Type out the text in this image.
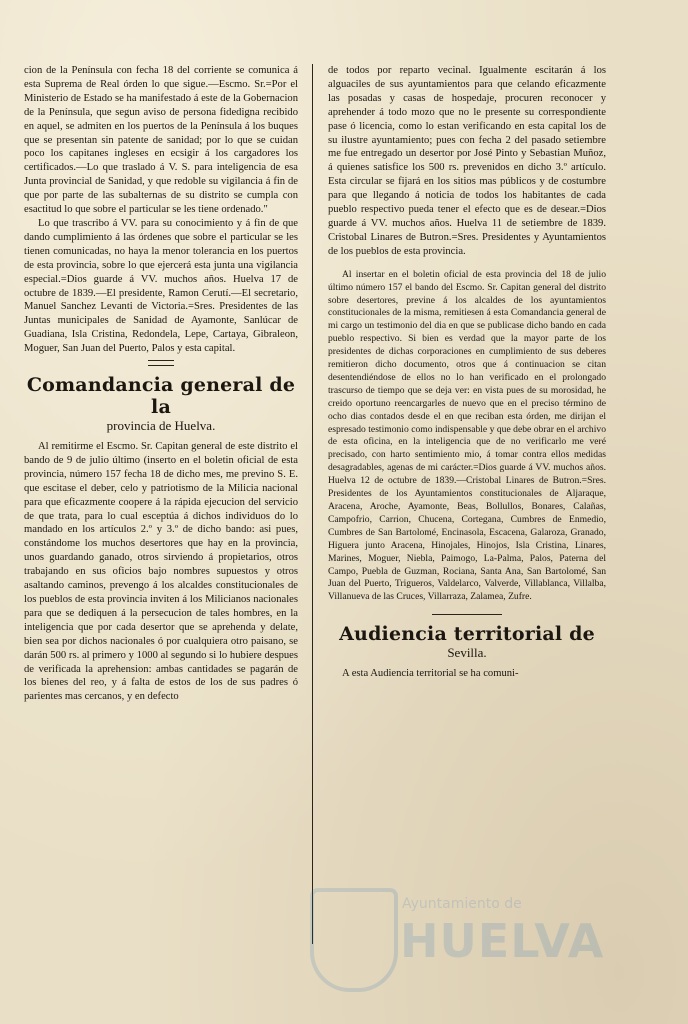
cion de la Península con fecha 18 del corriente se comunica á esta Suprema de Real órden lo que sigue.—Escmo. Sr.=Por el Ministerio de Estado se ha manifestado á este de la Gobernacion de la Península, que segun aviso de persona fidedigna recibido en aquel, se admiten en los puertos de la Península á los buques que se presentan sin patente de sanidad; por lo que se cuidan poco los capitanes ingleses en ecsigir á los cargadores los certificados.—Lo que traslado á V. S. para inteligencia de esa Junta provincial de Sanidad, y que redoble su vigilancia á fin de que por parte de las subalternas de su distrito se cumpla con esactitud lo que sobre el particular se les tiene ordenado."

Lo que trascribo á VV. para su conocimiento y á fin de que dando cumplimiento á las órdenes que sobre el particular se les tienen comunicadas, no haya la menor tolerancia en los puertos de esta provincia, sobre lo que ejercerá esta junta una vigilancia especial.=Dios guarde á VV. muchos años. Huelva 17 de octubre de 1839.—El presidente, Ramon Cerutí.—El secretario, Manuel Sanchez Levanti de Victoria.=Sres. Presidentes de las Juntas municipales de Sanidad de Ayamonte, Sanlúcar de Guadiana, Isla Cristina, Redondela, Lepe, Cartaya, Gibraleon, Moguer, San Juan del Puerto, Palos y esta capital.

Comandancia general de la
provincia de Huelva.

Al remitirme el Escmo. Sr. Capitan general de este distrito el bando de 9 de julio último (inserto en el boletin oficial de esta provincia, número 157 fecha 18 de dicho mes, me previno S. E. que escitase el deber, celo y patriotismo de la Milicia nacional para que eficazmente coopere á la rápida ejecucion del servicio de que trata, para lo cual esceptúa á dichos individuos do lo mandado en los artículos 2.º y 3.º de dicho bando: asi pues, constándome los muchos desertores que hay en la provincia, unos guardando ganado, otros sirviendo á propietarios, otros trabajando en sus oficios bajo nombres supuestos y otros asaltando caminos, prevengo á los alcaldes constitucionales de los pueblos de esta provincia inviten á los Milicianos nacionales para que se dediquen á la persecucion de tales hombres, en la inteligencia que por cada desertor que se aprehenda y delate, bien sea por dichos nacionales ó por cualquiera otro paisano, se darán 500 rs. al primero y 1000 al segundo si lo hubiere despues de verificada la aprehension: ambas cantidades se pagarán de los bienes del reo, y á falta de estos de los de sus padres ó parientes mas cercanos, y en defecto

de todos por reparto vecinal. Igualmente escitarán á los alguaciles de sus ayuntamientos para que celando eficazmente las posadas y casas de hospedaje, procuren reconocer y aprehender á todo mozo que no le presente su correspondiente pase ó licencia, como lo estan verificando en esta capital los de su ilustre ayuntamiento; pues con fecha 2 del pasado setiembre me fue entregado un desertor por José Pinto y Sebastian Muñoz, á quienes satisfice los 500 rs. prevenidos en dicho 3.º artículo. Esta circular se fijará en los sitios mas públicos y de costumbre para que llegando á noticia de todos los habitantes de cada pueblo respectivo pueda tener el efecto que es de desear.=Dios guarde á VV. muchos años. Huelva 11 de setiembre de 1839. Cristobal Linares de Butron.=Sres. Presidentes y Ayuntamientos de los pueblos de esta provincia.

Al insertar en el boletin oficial de esta provincia del 18 de julio último número 157 el bando del Escmo. Sr. Capitan general del distrito sobre desertores, previne á los alcaldes de los ayuntamientos constitucionales de la misma, remitiesen á esta Comandancia general de mi cargo un testimonio del dia en que se publicase dicho bando en cada pueblo respectivo. Si bien es verdad que la mayor parte de los presidentes de dichas corporaciones en cumplimiento de sus deberes remitieron dicho documento, otros que á continuacion se citan desentendiéndose de ellos no lo han verificado en el prolongado trascurso de tiempo que se deja ver: en vista pues de su morosidad, he creido oportuno reencargarles de nuevo que en el preciso término de ocho dias contados desde el en que reciban esta órden, me dirijan el espresado testimonio como indispensable y que debe obrar en el archivo de esta oficina, en la inteligencia que de no verificarlo me veré precisado, con harto sentimiento mio, á tomar contra ellos medidas desagradables, agenas de mi carácter.=Dios guarde á VV. muchos años. Huelva 12 de octubre de 1839.—Cristobal Linares de Butron.=Sres. Presidentes de los Ayuntamientos constitucionales de Aljaraque, Aracena, Aroche, Ayamonte, Beas, Bollullos, Bonares, Calañas, Campofrio, Carrion, Chucena, Cortegana, Cumbres de Enmedio, Cumbres de San Bartolomé, Encinasola, Escacena, Galaroza, Granado, Higuera junto Aracena, Hinojales, Hinojos, Isla Cristina, Linares, Marines, Moguer, Niebla, Paimogo, La-Palma, Palos, Paterna del Campo, Puebla de Guzman, Rociana, Santa Ana, San Bartolomé, San Juan del Puerto, Trigueros, Valdelarco, Valverde, Villablanca, Villalba, Villanueva de las Cruces, Villarraza, Zalamea, Zufre.

Audiencia territorial de
Sevilla.

A esta Audiencia territorial se ha comuni-

Ayuntamiento de
HUELVA
